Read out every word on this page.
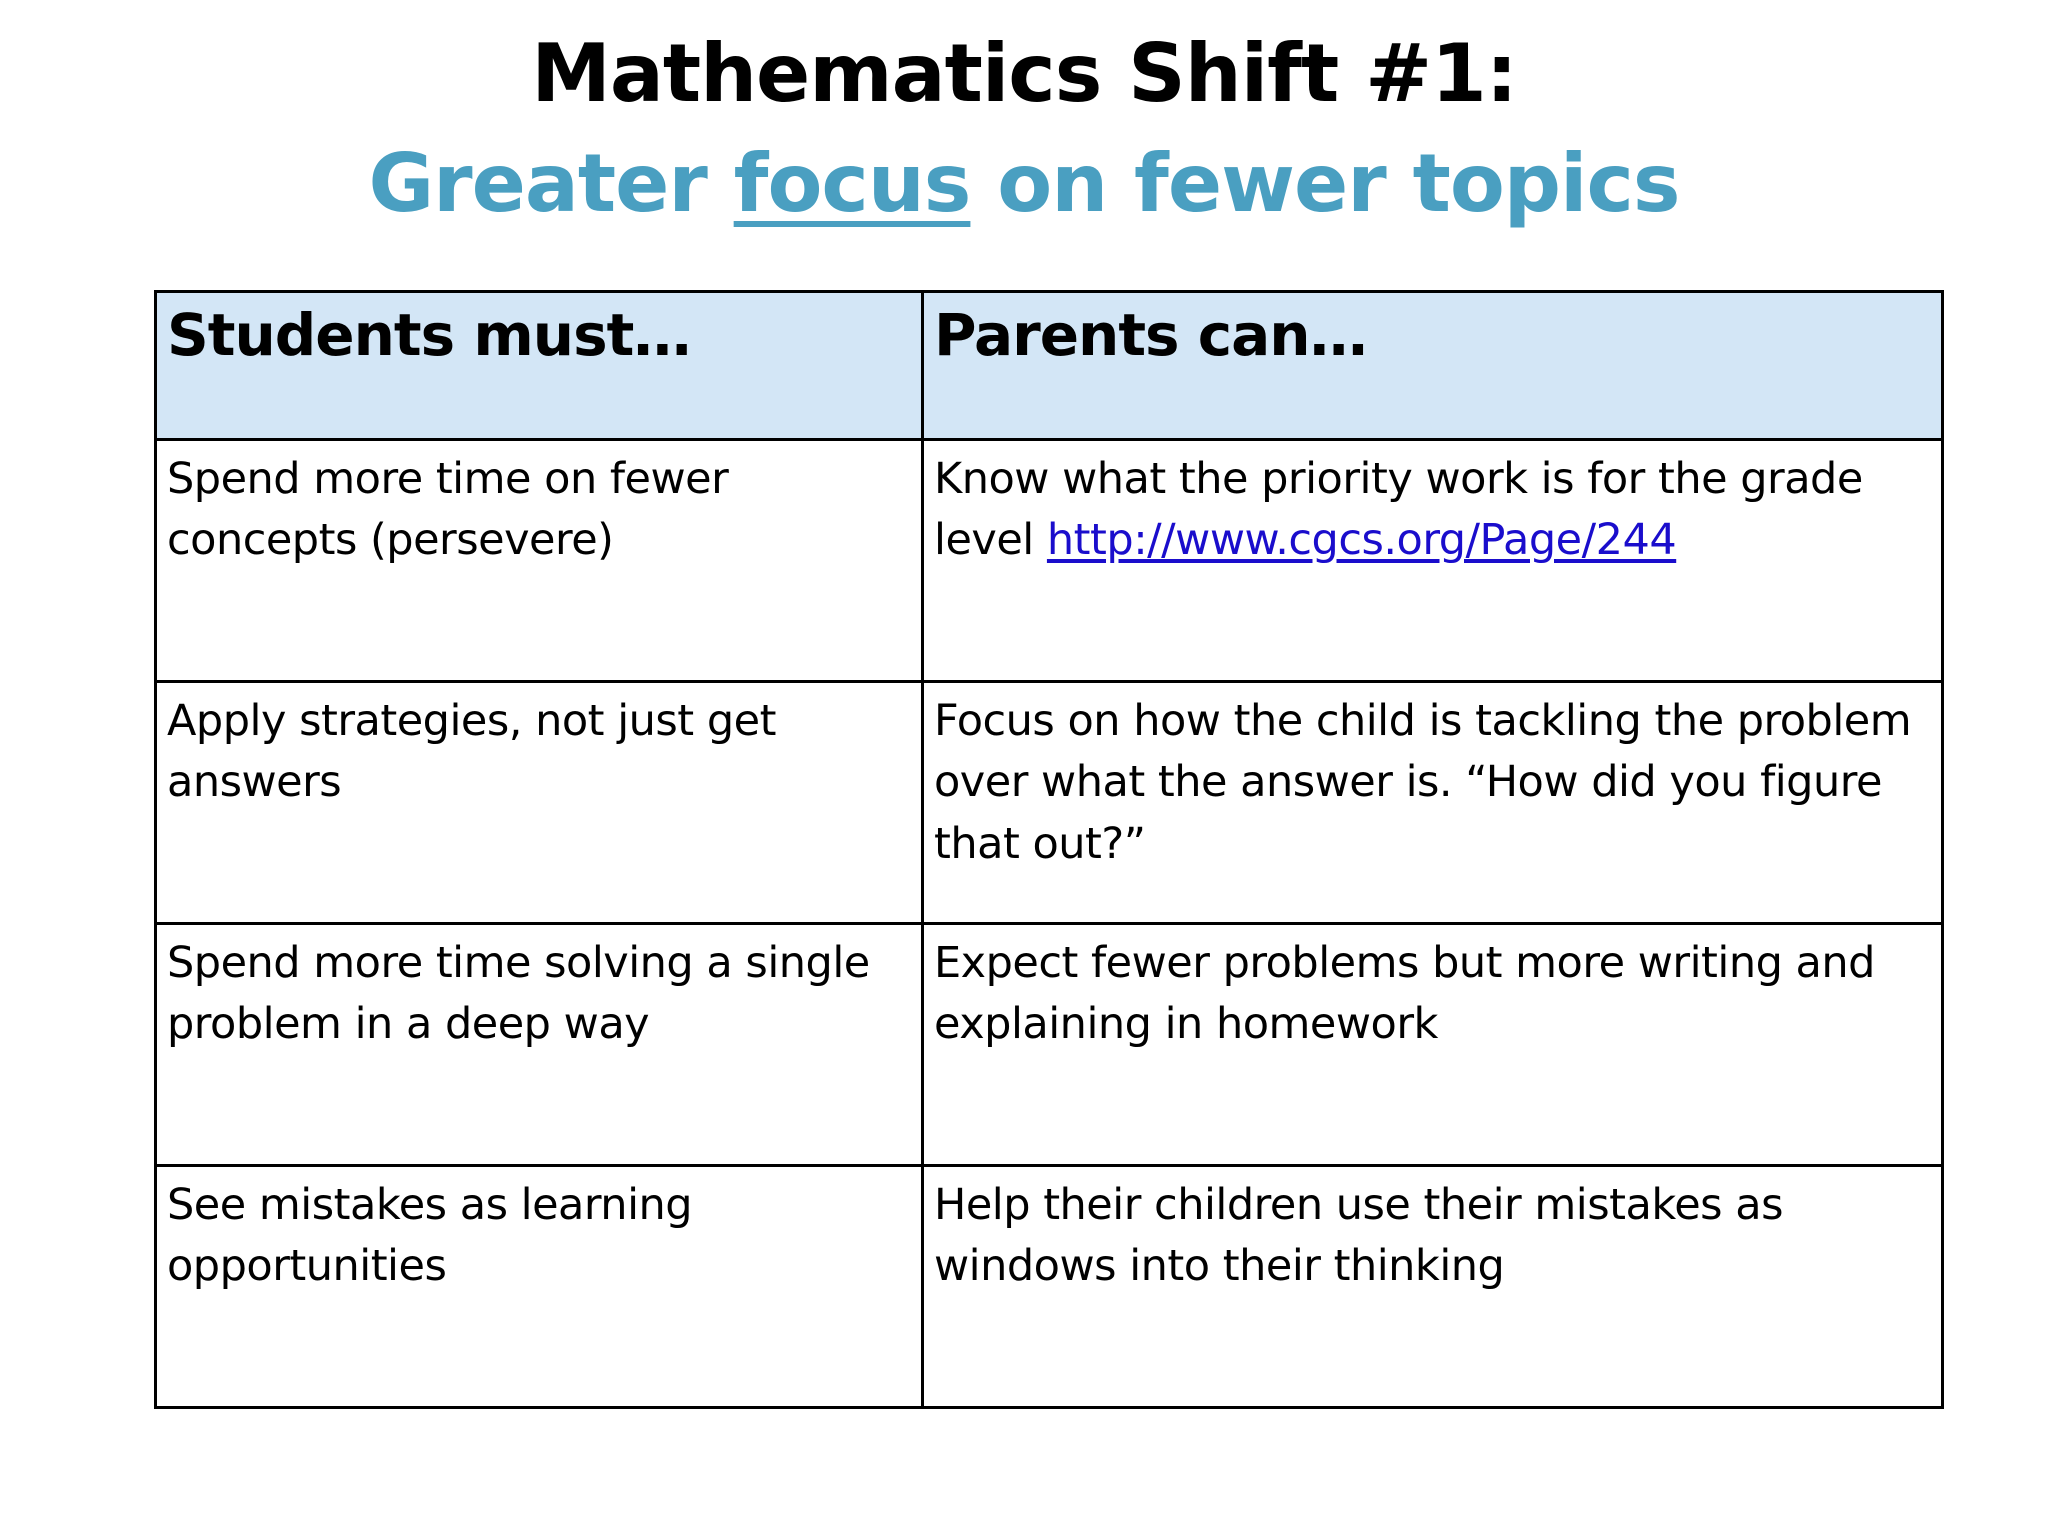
Mathematics Shift #1:
Greater focus on fewer topics
Students must…	Parents can…
Spend more time on fewer concepts (persevere)	Know what the priority work is for the grade level http://www.cgcs.org/Page/244
Apply strategies, not just get answers	Focus on how the child is tackling the problem over what the answer is. “How did you figure that out?”
Spend more time solving a single problem in a deep way	Expect fewer problems but more writing and explaining in homework
See mistakes as learning opportunities	Help their children use their mistakes as windows into their thinking
